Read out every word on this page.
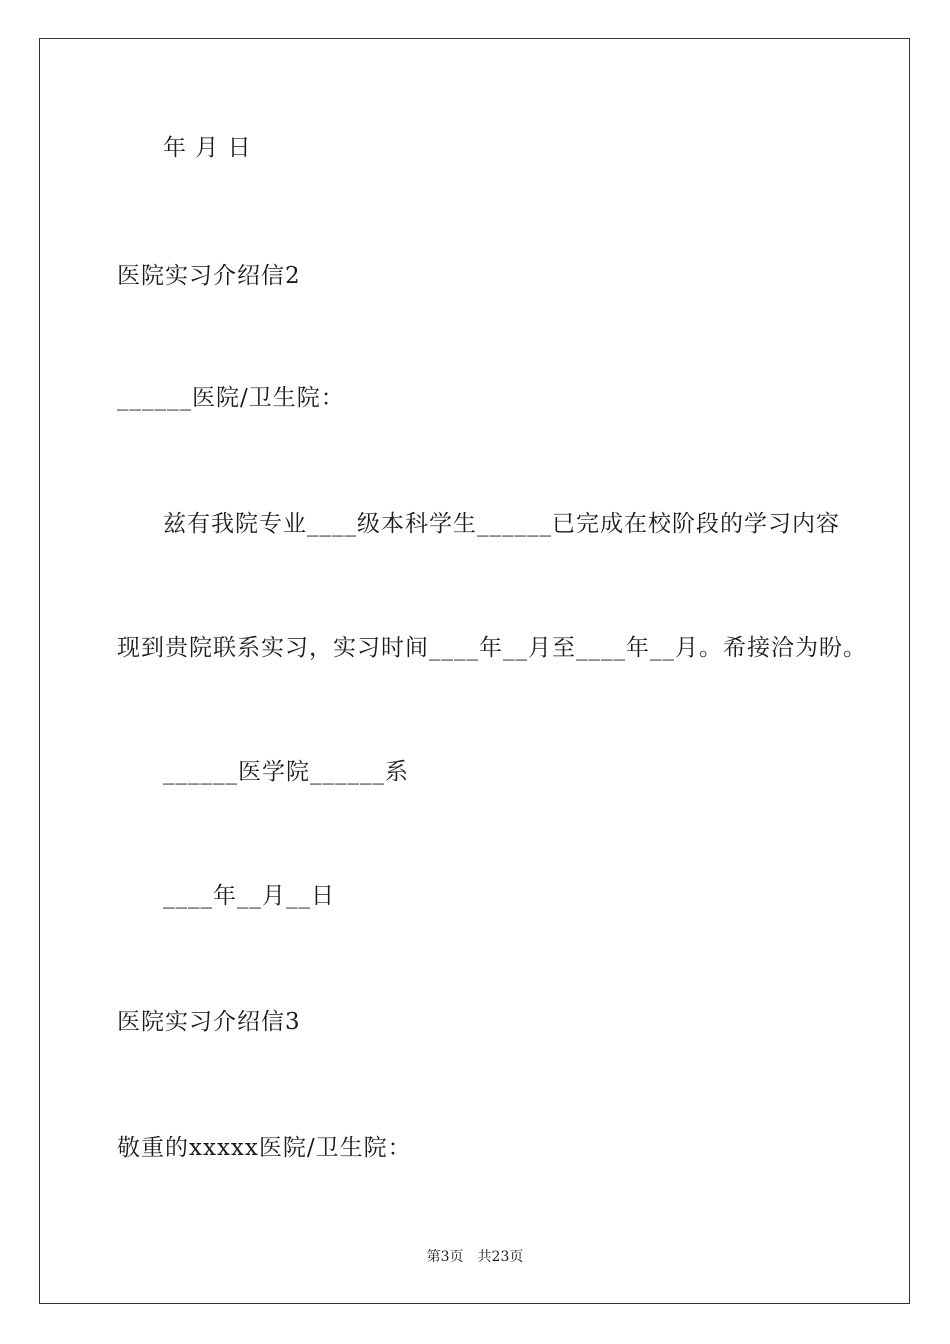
年 月 日
医院实习介绍信2
______医院/卫生院：
兹有我院专业____级本科学生______已完成在校阶段的学习内容
现到贵院联系实习，实习时间____年__月至____年__月。希接洽为盼。
______医学院______系
____年__月__日
医院实习介绍信3
敬重的xxxxx医院/卫生院：
第3页　共23页
